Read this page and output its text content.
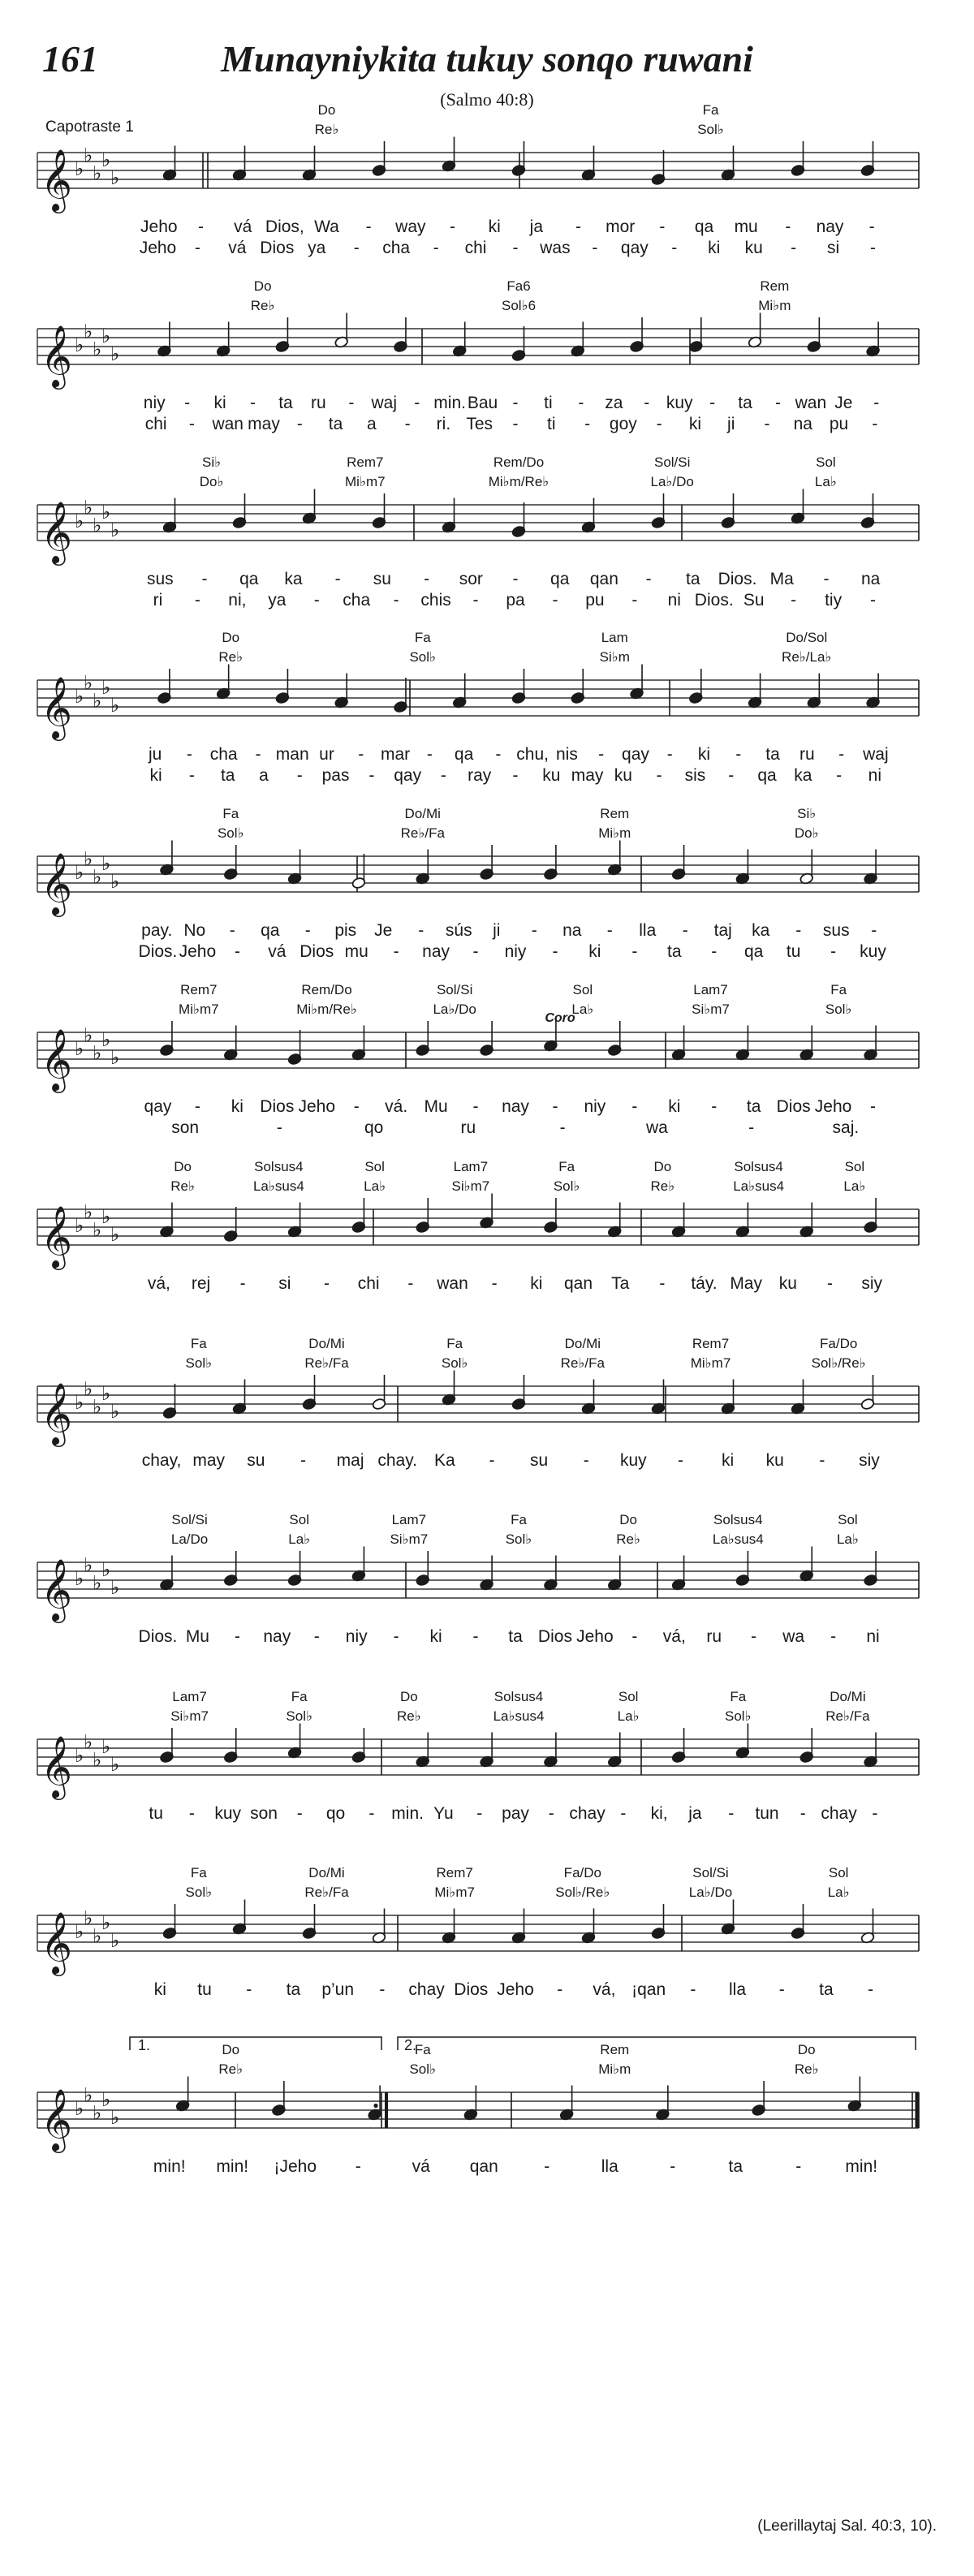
161	Munayniykita tukuy sonqo ruwani
(Salmo 40:8)
Capotraste 1
𝄞 ♭
♭
♭
♭
♭
Do
Re♭
Fa
Sol♭
Jeho - vá Dios, Wa - way - ki ja - mor - qa mu - nay -
Jeho - vá Dios ya - cha - chi - was - qay - ki ku - si -
𝄞 ♭
♭
♭
♭
♭
Do
Re♭
Fa6
Sol♭6
Rem
Mi♭m
niy - ki - ta ru - waj - min. Bau - ti - za - kuy - ta - wan Je -
chi - wan may - ta a - ri. Tes - ti - goy - ki ji - na pu -
𝄞 ♭
♭
♭
♭
♭
Si♭
Do♭
Rem7
Mi♭m7
Rem/Do
Mi♭m/Re♭
Sol/Si
La♭/Do
Sol
La♭
sus - qa ka - su - sor - qa qan - ta Dios. Ma - na
ri - ni, ya - cha - chis - pa - pu - ni Dios. Su - tiy -
𝄞 ♭
♭
♭
♭
♭
Do
Re♭
Fa
Sol♭
Lam
Si♭m
Do/Sol
Re♭/La♭
ju - cha - man ur - mar - qa - chu, nis - qay - ki - ta ru - waj
ki - ta a - pas - qay - ray - ku may ku - sis - qa ka - ni
𝄞 ♭
♭
♭
♭
♭
Fa
Sol♭
Do/Mi
Re♭/Fa
Rem
Mi♭m
Si♭
Do♭
pay. No - qa - pis Je - sús ji - na - lla - taj ka - sus -
Dios. Jeho - vá Dios mu - nay - niy - ki - ta - qa tu - kuy
𝄞 ♭
♭
♭
♭
♭
Rem7
Mi♭m7
Rem/Do
Mi♭m/Re♭
Sol/Si
La♭/Do
Sol
La♭
Lam7
Si♭m7
Fa
Sol♭
Coro
qay - ki Dios Jeho - vá. Mu - nay - niy - ki - ta Dios Jeho -
son	-	qo	ru	-	wa	-	saj.
𝄞 ♭
♭
♭
♭
♭
Do
Re♭
Solsus4
La♭sus4
Sol
La♭
Lam7
Si♭m7
Fa
Sol♭
Do
Re♭
Solsus4
La♭sus4
Sol
La♭
vá, rej - si - chi - wan - ki qan Ta - táy. May ku - siy
𝄞 ♭
♭
♭
♭
♭
Fa
Sol♭
Do/Mi
Re♭/Fa
Fa
Sol♭
Do/Mi
Re♭/Fa
Rem7
Mi♭m7
Fa/Do
Sol♭/Re♭
chay, may su - maj chay. Ka - su - kuy - ki ku - siy
𝄞 ♭
♭
♭
♭
♭
Sol/Si
La/Do
Sol
La♭
Lam7
Si♭m7
Fa
Sol♭
Do
Re♭
Solsus4
La♭sus4
Sol
La♭
Dios. Mu - nay - niy - ki - ta Dios Jeho - vá, ru - wa - ni
𝄞 ♭
♭
♭
♭
♭
Lam7
Si♭m7
Fa
Sol♭
Do
Re♭
Solsus4
La♭sus4
Sol
La♭
Fa
Sol♭
Do/Mi
Re♭/Fa
tu - kuy son - qo - min. Yu - pay - chay - ki, ja - tun - chay -
𝄞 ♭
♭
♭
♭
♭
Fa
Sol♭
Do/Mi
Re♭/Fa
Rem7
Mi♭m7
Fa/Do
Sol♭/Re♭
Sol/Si
La♭/Do
Sol
La♭
ki tu - ta p’un - chay Dios Jeho - vá, ¡qan - lla - ta -
𝄞 ♭
♭
♭
♭
♭
Do
Re♭
Fa
Sol♭
Rem
Mi♭m
Do
Re♭
1.	2.
min! min! ¡Jeho -	vá qan	-	lla	-	ta	-	min!
(Leerillaytaj Sal. 40:3, 10).
